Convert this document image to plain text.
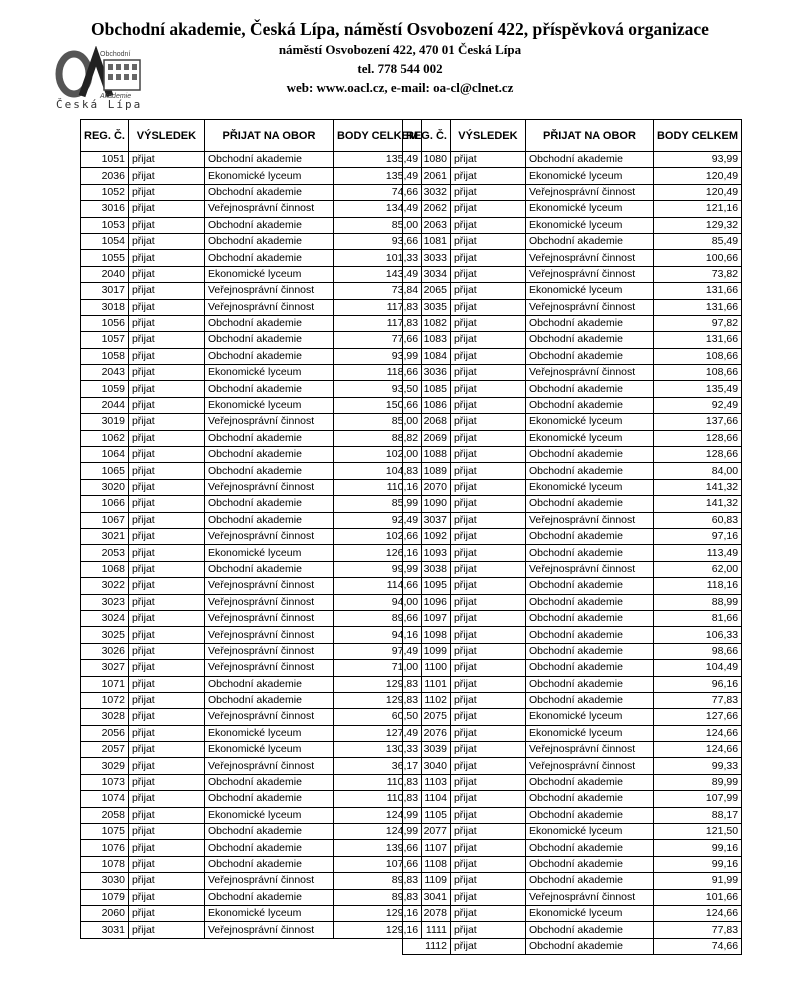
Obchodní
Akademie
Česká Lípa
Obchodní akademie, Česká Lípa, náměstí Osvobození 422, příspěvková organizace
náměstí Osvobození 422, 470 01 Česká Lípa
tel. 778 544 002
web: www.oacl.cz, e-mail: oa-cl@clnet.cz
REG. Č.	VÝSLEDEK	PŘIJAT NA OBOR	BODY CELKEM
1051	přijat	Obchodní akademie	135,49
2036	přijat	Ekonomické lyceum	135,49
1052	přijat	Obchodní akademie	74,66
3016	přijat	Veřejnosprávní činnost	134,49
1053	přijat	Obchodní akademie	85,00
1054	přijat	Obchodní akademie	93,66
1055	přijat	Obchodní akademie	101,33
2040	přijat	Ekonomické lyceum	143,49
3017	přijat	Veřejnosprávní činnost	73,84
3018	přijat	Veřejnosprávní činnost	117,83
1056	přijat	Obchodní akademie	117,83
1057	přijat	Obchodní akademie	77,66
1058	přijat	Obchodní akademie	93,99
2043	přijat	Ekonomické lyceum	118,66
1059	přijat	Obchodní akademie	93,50
2044	přijat	Ekonomické lyceum	150,66
3019	přijat	Veřejnosprávní činnost	85,00
1062	přijat	Obchodní akademie	88,82
1064	přijat	Obchodní akademie	102,00
1065	přijat	Obchodní akademie	104,83
3020	přijat	Veřejnosprávní činnost	110,16
1066	přijat	Obchodní akademie	85,99
1067	přijat	Obchodní akademie	92,49
3021	přijat	Veřejnosprávní činnost	102,66
2053	přijat	Ekonomické lyceum	126,16
1068	přijat	Obchodní akademie	99,99
3022	přijat	Veřejnosprávní činnost	114,66
3023	přijat	Veřejnosprávní činnost	94,00
3024	přijat	Veřejnosprávní činnost	89,66
3025	přijat	Veřejnosprávní činnost	94,16
3026	přijat	Veřejnosprávní činnost	97,49
3027	přijat	Veřejnosprávní činnost	71,00
1071	přijat	Obchodní akademie	129,83
1072	přijat	Obchodní akademie	129,83
3028	přijat	Veřejnosprávní činnost	60,50
2056	přijat	Ekonomické lyceum	127,49
2057	přijat	Ekonomické lyceum	130,33
3029	přijat	Veřejnosprávní činnost	36,17
1073	přijat	Obchodní akademie	110,83
1074	přijat	Obchodní akademie	110,83
2058	přijat	Ekonomické lyceum	124,99
1075	přijat	Obchodní akademie	124,99
1076	přijat	Obchodní akademie	139,66
1078	přijat	Obchodní akademie	107,66
3030	přijat	Veřejnosprávní činnost	89,83
1079	přijat	Obchodní akademie	89,83
2060	přijat	Ekonomické lyceum	129,16
3031	přijat	Veřejnosprávní činnost	129,16
REG. Č.	VÝSLEDEK	PŘIJAT NA OBOR	BODY CELKEM
1080	přijat	Obchodní akademie	93,99
2061	přijat	Ekonomické lyceum	120,49
3032	přijat	Veřejnosprávní činnost	120,49
2062	přijat	Ekonomické lyceum	121,16
2063	přijat	Ekonomické lyceum	129,32
1081	přijat	Obchodní akademie	85,49
3033	přijat	Veřejnosprávní činnost	100,66
3034	přijat	Veřejnosprávní činnost	73,82
2065	přijat	Ekonomické lyceum	131,66
3035	přijat	Veřejnosprávní činnost	131,66
1082	přijat	Obchodní akademie	97,82
1083	přijat	Obchodní akademie	131,66
1084	přijat	Obchodní akademie	108,66
3036	přijat	Veřejnosprávní činnost	108,66
1085	přijat	Obchodní akademie	135,49
1086	přijat	Obchodní akademie	92,49
2068	přijat	Ekonomické lyceum	137,66
2069	přijat	Ekonomické lyceum	128,66
1088	přijat	Obchodní akademie	128,66
1089	přijat	Obchodní akademie	84,00
2070	přijat	Ekonomické lyceum	141,32
1090	přijat	Obchodní akademie	141,32
3037	přijat	Veřejnosprávní činnost	60,83
1092	přijat	Obchodní akademie	97,16
1093	přijat	Obchodní akademie	113,49
3038	přijat	Veřejnosprávní činnost	62,00
1095	přijat	Obchodní akademie	118,16
1096	přijat	Obchodní akademie	88,99
1097	přijat	Obchodní akademie	81,66
1098	přijat	Obchodní akademie	106,33
1099	přijat	Obchodní akademie	98,66
1100	přijat	Obchodní akademie	104,49
1101	přijat	Obchodní akademie	96,16
1102	přijat	Obchodní akademie	77,83
2075	přijat	Ekonomické lyceum	127,66
2076	přijat	Ekonomické lyceum	124,66
3039	přijat	Veřejnosprávní činnost	124,66
3040	přijat	Veřejnosprávní činnost	99,33
1103	přijat	Obchodní akademie	89,99
1104	přijat	Obchodní akademie	107,99
1105	přijat	Obchodní akademie	88,17
2077	přijat	Ekonomické lyceum	121,50
1107	přijat	Obchodní akademie	99,16
1108	přijat	Obchodní akademie	99,16
1109	přijat	Obchodní akademie	91,99
3041	přijat	Veřejnosprávní činnost	101,66
2078	přijat	Ekonomické lyceum	124,66
1111	přijat	Obchodní akademie	77,83
1112	přijat	Obchodní akademie	74,66
